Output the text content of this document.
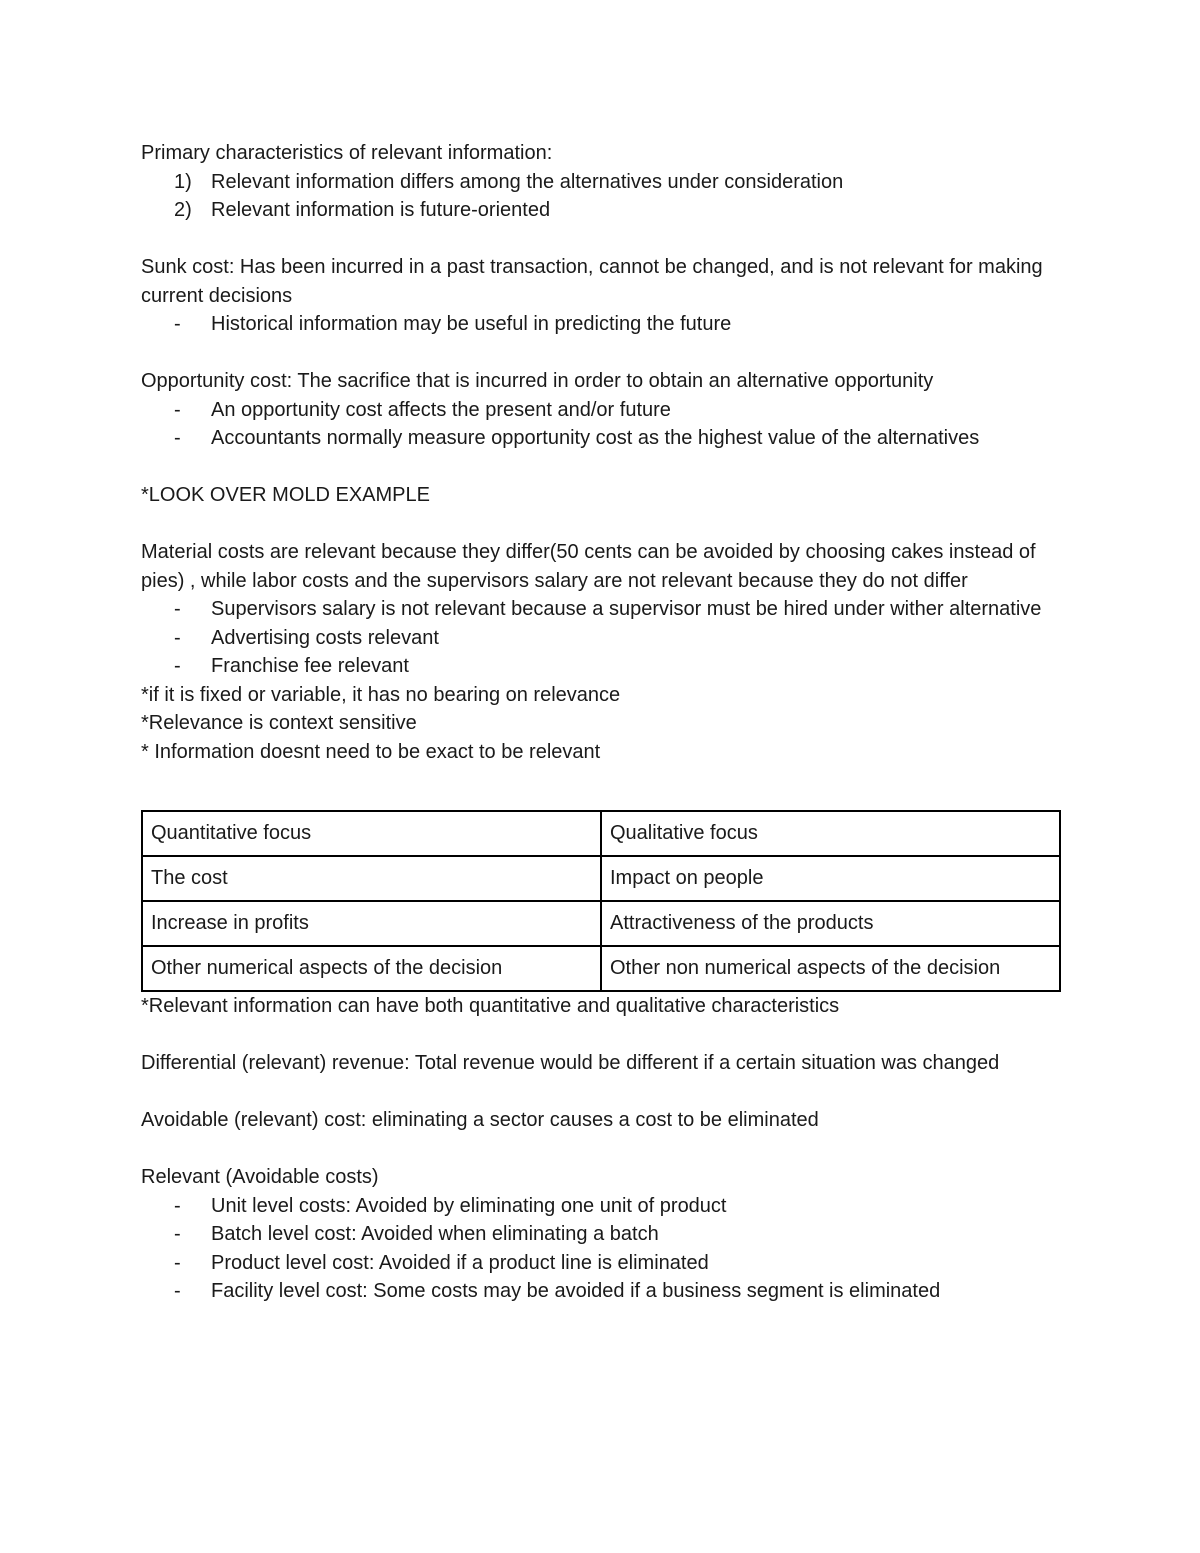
Primary characteristics of relevant information:

1) Relevant information differs among the alternatives under consideration
2) Relevant information is future-oriented

Sunk cost: Has been incurred in a past transaction, cannot be changed, and is not relevant for making current decisions

- Historical information may be useful in predicting the future

Opportunity cost: The sacrifice that is incurred in order to obtain an alternative opportunity

- An opportunity cost affects the present and/or future
- Accountants normally measure opportunity cost as the highest value of the alternatives

*LOOK OVER MOLD EXAMPLE

Material costs are relevant because they differ(50 cents can be avoided by choosing cakes instead of pies) , while labor costs and the supervisors salary are not relevant because they do not differ

- Supervisors salary is not relevant because a supervisor must be hired under wither alternative
- Advertising costs relevant
- Franchise fee relevant

*if it is fixed or variable, it has no bearing on relevance

*Relevance is context sensitive

* Information doesnt need to be exact to be relevant

Quantitative focus	Qualitative focus
The cost	Impact on people
Increase in profits	Attractiveness of the products
Other numerical aspects of the decision	Other non numerical aspects of the decision

*Relevant information can have both quantitative and qualitative characteristics

Differential (relevant) revenue: Total revenue would be different if a certain situation was changed

Avoidable (relevant) cost: eliminating a sector causes a cost to be eliminated

Relevant (Avoidable costs)

- Unit level costs: Avoided by eliminating one unit of product
- Batch level cost: Avoided when eliminating a batch
- Product level cost: Avoided if a product line is eliminated
- Facility level cost: Some costs may be avoided if a business segment is eliminated
